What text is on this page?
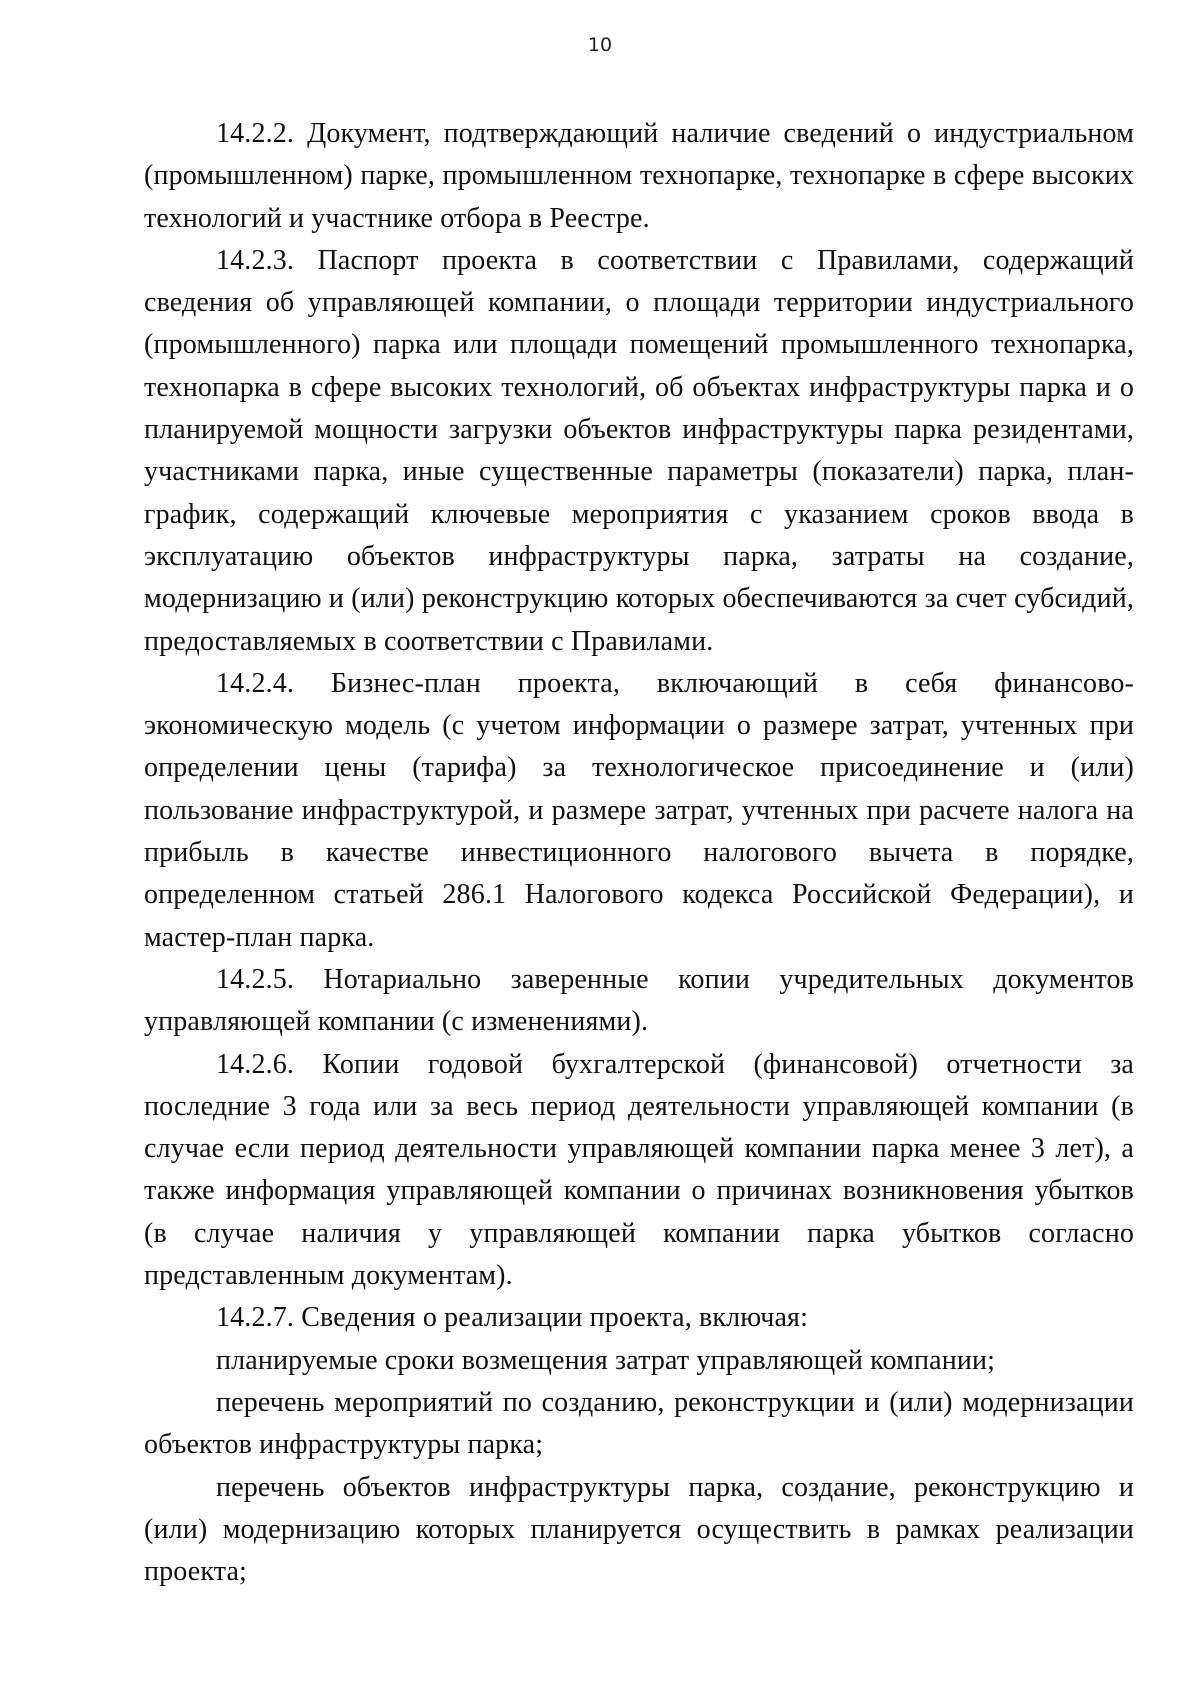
10

14.2.2. Документ, подтверждающий наличие сведений о индустриальном (промышленном) парке, промышленном технопарке, технопарке в сфере высоких технологий и участнике отбора в Реестре.

14.2.3. Паспорт проекта в соответствии с Правилами, содержащий сведения об управляющей компании, о площади территории индустриального (промышленного) парка или площади помещений промышленного технопарка, технопарка в сфере высоких технологий, об объектах инфраструктуры парка и о планируемой мощности загрузки объектов инфраструктуры парка резидентами, участниками парка, иные существенные параметры (показатели) парка, план-график, содержащий ключевые мероприятия с указанием сроков ввода в эксплуатацию объектов инфраструктуры парка, затраты на создание, модернизацию и (или) реконструкцию которых обеспечиваются за счет субсидий, предоставляемых в соответствии с Правилами.

14.2.4. Бизнес-план проекта, включающий в себя финансово-экономическую модель (с учетом информации о размере затрат, учтенных при определении цены (тарифа) за технологическое присоединение и (или) пользование инфраструктурой, и размере затрат, учтенных при расчете налога на прибыль в качестве инвестиционного налогового вычета в порядке, определенном статьей 286.1 Налогового кодекса Российской Федерации), и мастер-план парка.

14.2.5. Нотариально заверенные копии учредительных документов управляющей компании (с изменениями).

14.2.6. Копии годовой бухгалтерской (финансовой) отчетности за последние 3 года или за весь период деятельности управляющей компании (в случае если период деятельности управляющей компании парка менее 3 лет), а также информация управляющей компании о причинах возникновения убытков (в случае наличия у управляющей компании парка убытков согласно представленным документам).

14.2.7. Сведения о реализации проекта, включая:

планируемые сроки возмещения затрат управляющей компании;

перечень мероприятий по созданию, реконструкции и (или) модернизации объектов инфраструктуры парка;

перечень объектов инфраструктуры парка, создание, реконструкцию и (или) модернизацию которых планируется осуществить в рамках реализации проекта;
